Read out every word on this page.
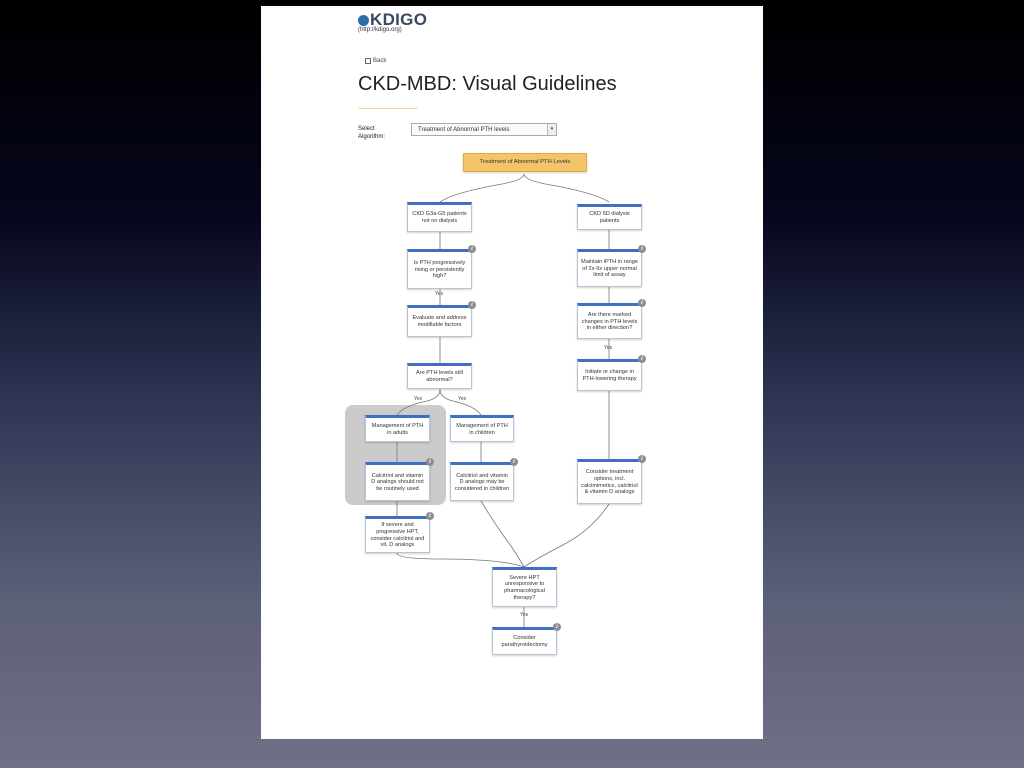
KDIGO
(http://kdigo.org)
Back
CKD-MBD: Visual Guidelines
Select Algorithm:
Treatment of Abnormal PTH levels	▾
Treatment of Abnormal PTH Levels
CKD G3a-G5 patients not on dialysis
Is PTH progressively rising or persistently high?
i
Yes
Evaluate and address modifiable factors
i
Are PTH levels still abnormal?
Yes	Yes
Management of PTH in adults
Calcitriol and vitamin D analogs should not be routinely used
i
Management of PTH in children
Calcitriol and vitamin D analogs may be considered in children
i
If severe and progressive HPT, consider calcitriol and vit. D analogs
i
CKD 5D dialysis patients
Maintain iPTH in range of 2x-9x upper normal limit of assay
i
Are there marked changes in PTH levels in either direction?
i
Yes
Initiate or change in PTH-lowering therapy
i
Consider treatment options, incl. calcimimetics, calcitriol & vitamin D analogs
i
Severe HPT unresponsive to pharmacological therapy?
Yes
Consider parathyroidectomy
i
